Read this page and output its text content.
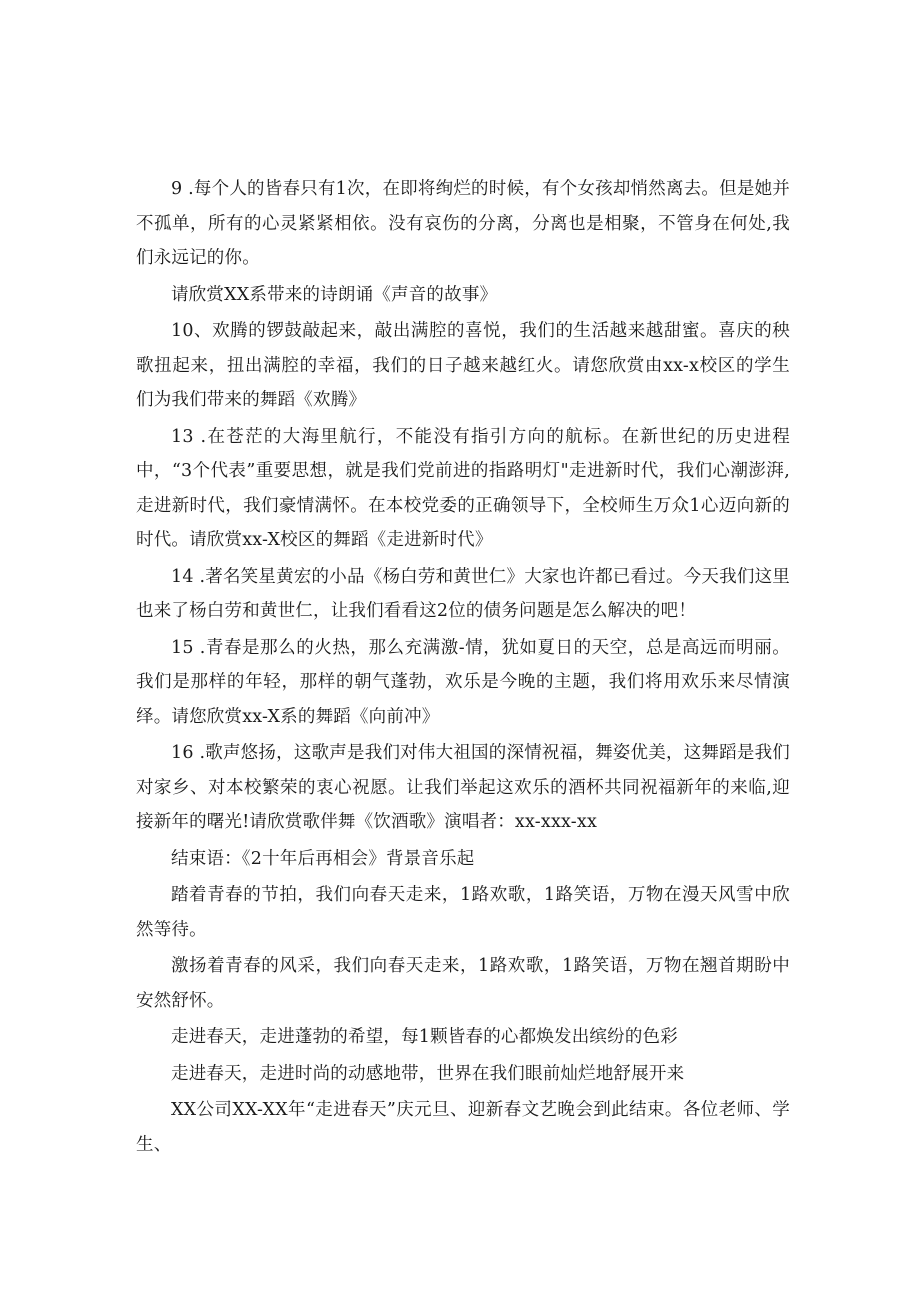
9 .每个人的皆春只有1次，在即将绚烂的时候，有个女孩却悄然离去。但是她并不孤单，所有的心灵紧紧相依。没有哀伤的分离，分离也是相聚，不管身在何处,我们永远记的你。

请欣赏XX系带来的诗朗诵《声音的故事》

10、欢腾的锣鼓敲起来，敲出满腔的喜悦，我们的生活越来越甜蜜。喜庆的秧歌扭起来，扭出满腔的幸福，我们的日子越来越红火。请您欣赏由xx-x校区的学生们为我们带来的舞蹈《欢腾》

13 .在苍茫的大海里航行，不能没有指引方向的航标。在新世纪的历史进程中，“3个代表”重要思想，就是我们党前进的指路明灯"走进新时代，我们心潮澎湃,走进新时代，我们豪情满怀。在本校党委的正确领导下，全校师生万众1心迈向新的时代。请欣赏xx-X校区的舞蹈《走进新时代》

14 .著名笑星黄宏的小品《杨白劳和黄世仁》大家也许都已看过。今天我们这里也来了杨白劳和黄世仁，让我们看看这2位的债务问题是怎么解决的吧！

15 .青春是那么的火热，那么充满激-情，犹如夏日的天空，总是高远而明丽。我们是那样的年轻，那样的朝气蓬勃，欢乐是今晚的主题，我们将用欢乐来尽情演绎。请您欣赏xx-X系的舞蹈《向前冲》

16 .歌声悠扬，这歌声是我们对伟大祖国的深情祝福，舞姿优美，这舞蹈是我们对家乡、对本校繁荣的衷心祝愿。让我们举起这欢乐的酒杯共同祝福新年的来临,迎接新年的曙光!请欣赏歌伴舞《饮酒歌》演唱者：xx-xxx-xx

结束语：《2十年后再相会》背景音乐起

踏着青春的节拍，我们向春天走来，1路欢歌，1路笑语，万物在漫天风雪中欣然等待。

激扬着青春的风采，我们向春天走来，1路欢歌，1路笑语，万物在翘首期盼中安然舒怀。

走进春天，走进蓬勃的希望，每1颗皆春的心都焕发出缤纷的色彩

走进春天，走进时尚的动感地带，世界在我们眼前灿烂地舒展开来

XX公司XX-XX年“走进春天”庆元旦、迎新春文艺晚会到此结束。各位老师、学生、
